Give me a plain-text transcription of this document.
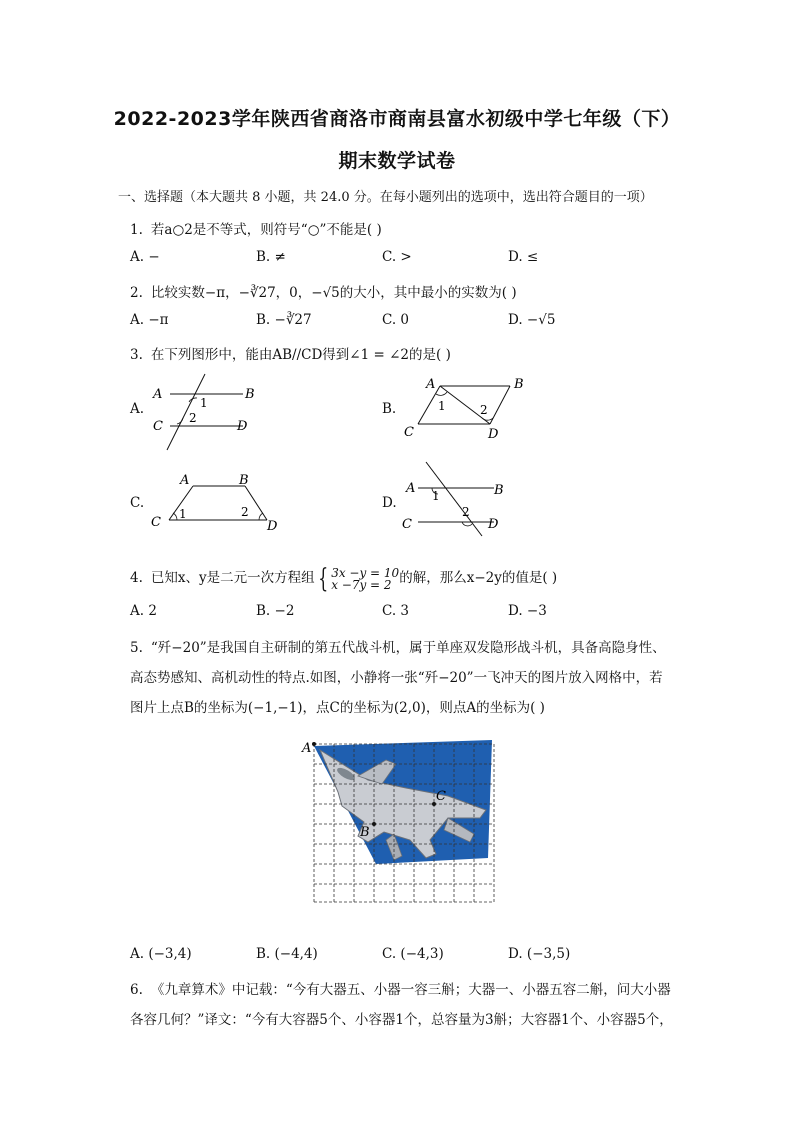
2022-2023学年陕西省商洛市商南县富水初级中学七年级（下）
期末数学试卷
一、选择题（本大题共 8 小题，共 24.0 分。在每小题列出的选项中，选出符合题目的一项）
1. 若a○2是不等式，则符号“○”不能是( )
A. −	B. ≠	C. >	D. ≤
2. 比较实数−π，−∛27，0，−√5的大小，其中最小的实数为( )
A. −π	B. −∛27	C. 0	D. −√5
3. 在下列图形中，能由AB//CD得到∠1 = ∠2的是( )
A.	B.
C.	D.
A	B
C	D
1
2
A	B
C	D
1	2
A	B
C	D
1	2
A	B
C	D
1
2
4. 已知x、y是二元一次方程组 { 3x −y = 10
x −7y = 2 的解，那么x−2y的值是( )
A. 2	B. −2	C. 3	D. −3
5. “歼−20”是我国自主研制的第五代战斗机，属于单座双发隐形战斗机，具备高隐身性、
高态势感知、高机动性的特点.如图，小静将一张“歼−20”一飞冲天的图片放入网格中，若
图片上点B的坐标为(−1,−1)，点C的坐标为(2,0)，则点A的坐标为( )
A
B
C
A. (−3,4)	B. (−4,4)	C. (−4,3)	D. (−3,5)
6. 《九章算术》中记载：“今有大器五、小器一容三斛；大器一、小器五容二斛，问大小器
各容几何？”译文：“今有大容器5个、小容器1个，总容量为3斛；大容器1个、小容器5个，
